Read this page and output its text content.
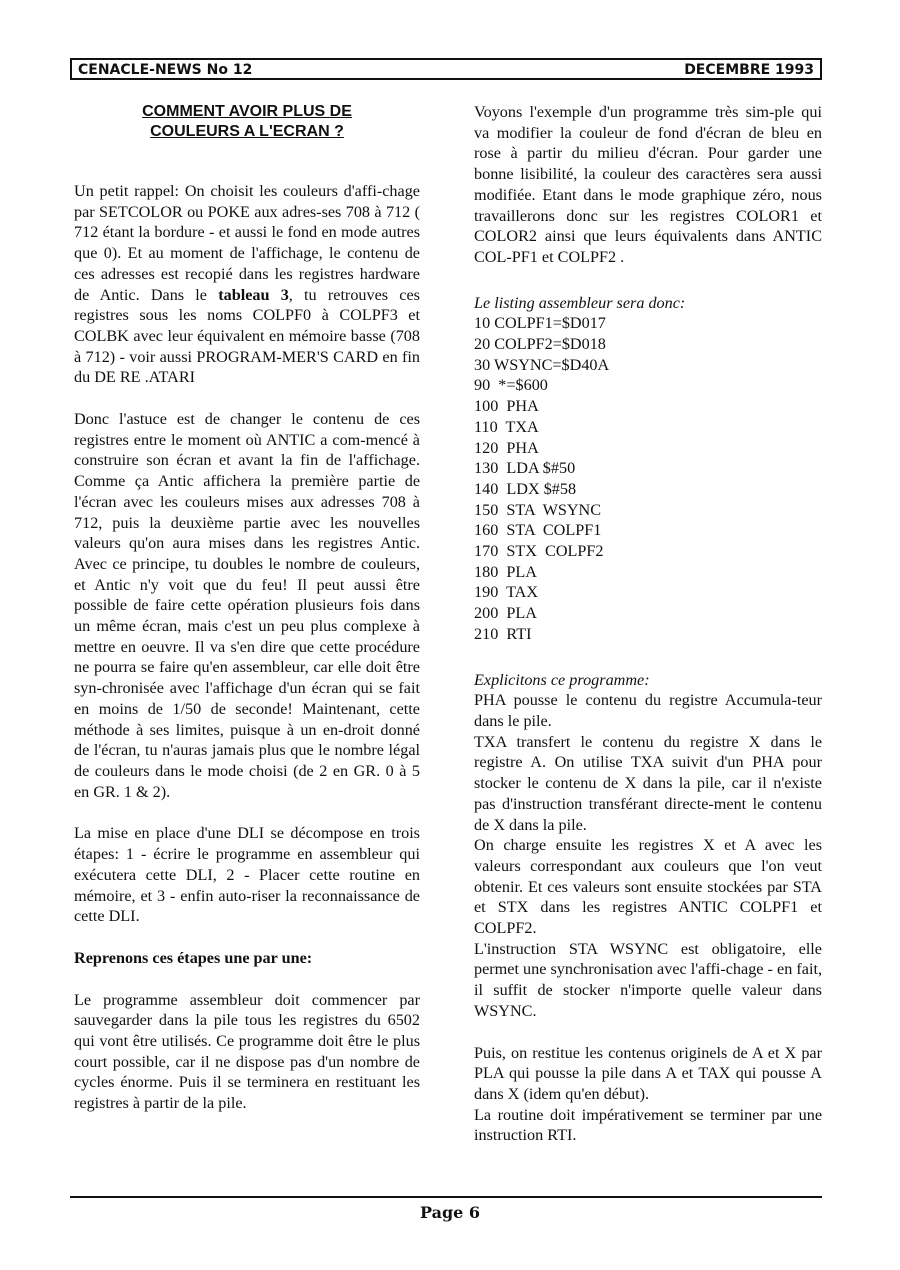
CENACLE-NEWS No 12	DECEMBRE 1993
COMMENT AVOIR PLUS DE
COULEURS A L'ECRAN ?

Un petit rappel: On choisit les couleurs d'affi-chage par SETCOLOR ou POKE aux adres-ses 708 à 712 ( 712 étant la bordure - et aussi le fond en mode autres que 0). Et au moment de l'affichage, le contenu de ces adresses est recopié dans les registres hardware de Antic. Dans le tableau 3, tu retrouves ces registres sous les noms COLPF0 à COLPF3 et COLBK avec leur équivalent en mémoire basse (708 à 712) - voir aussi PROGRAM-MER'S CARD en fin du DE RE .ATARI

Donc l'astuce est de changer le contenu de ces registres entre le moment où ANTIC a com-mencé à construire son écran et avant la fin de l'affichage. Comme ça Antic affichera la première partie de l'écran avec les couleurs mises aux adresses 708 à 712, puis la deuxième partie avec les nouvelles valeurs qu'on aura mises dans les registres Antic. Avec ce principe, tu doubles le nombre de couleurs, et Antic n'y voit que du feu! Il peut aussi être possible de faire cette opération plusieurs fois dans un même écran, mais c'est un peu plus complexe à mettre en oeuvre. Il va s'en dire que cette procédure ne pourra se faire qu'en assembleur, car elle doit être syn-chronisée avec l'affichage d'un écran qui se fait en moins de 1/50 de seconde! Maintenant, cette méthode à ses limites, puisque à un en-droit donné de l'écran, tu n'auras jamais plus que le nombre légal de couleurs dans le mode choisi (de 2 en GR. 0 à 5 en GR. 1 & 2).

La mise en place d'une DLI se décompose en trois étapes: 1 - écrire le programme en assembleur qui exécutera cette DLI, 2 - Placer cette routine en mémoire, et 3 - enfin auto-riser la reconnaissance de cette DLI.

Reprenons ces étapes une par une:

Le programme assembleur doit commencer par sauvegarder dans la pile tous les registres du 6502 qui vont être utilisés. Ce programme doit être le plus court possible, car il ne dispose pas d'un nombre de cycles énorme. Puis il se terminera en restituant les registres à partir de la pile.

Voyons l'exemple d'un programme très sim-ple qui va modifier la couleur de fond d'écran de bleu en rose à partir du milieu d'écran. Pour garder une bonne lisibilité, la couleur des caractères sera aussi modifiée. Etant dans le mode graphique zéro, nous travaillerons donc sur les registres COLOR1 et COLOR2 ainsi que leurs équivalents dans ANTIC COL-PF1 et COLPF2 .

Le listing assembleur sera donc:

10 COLPF1=$D017

20 COLPF2=$D018

30 WSYNC=$D40A

90  *=$600

100  PHA

110  TXA

120  PHA

130  LDA $#50

140  LDX $#58

150  STA  WSYNC

160  STA  COLPF1

170  STX  COLPF2

180  PLA

190  TAX

200  PLA

210  RTI

Explicitons ce programme:

PHA pousse le contenu du registre Accumula-teur dans le pile.

TXA transfert le contenu du registre X dans le registre A. On utilise TXA suivit d'un PHA pour stocker le contenu de X dans la pile, car il n'existe pas d'instruction transférant directe-ment le contenu de X dans la pile.

On charge ensuite les registres X et A avec les valeurs correspondant aux couleurs que l'on veut obtenir. Et ces valeurs sont ensuite stockées par STA et STX dans les registres ANTIC COLPF1 et COLPF2.

L'instruction STA WSYNC est obligatoire, elle permet une synchronisation avec l'affi-chage - en fait, il suffit de stocker n'importe quelle valeur dans WSYNC.

Puis, on restitue les contenus originels de A et X par PLA qui pousse la pile dans A et TAX qui pousse A dans X (idem qu'en début).

La routine doit impérativement se terminer par une instruction RTI.

Page 6
